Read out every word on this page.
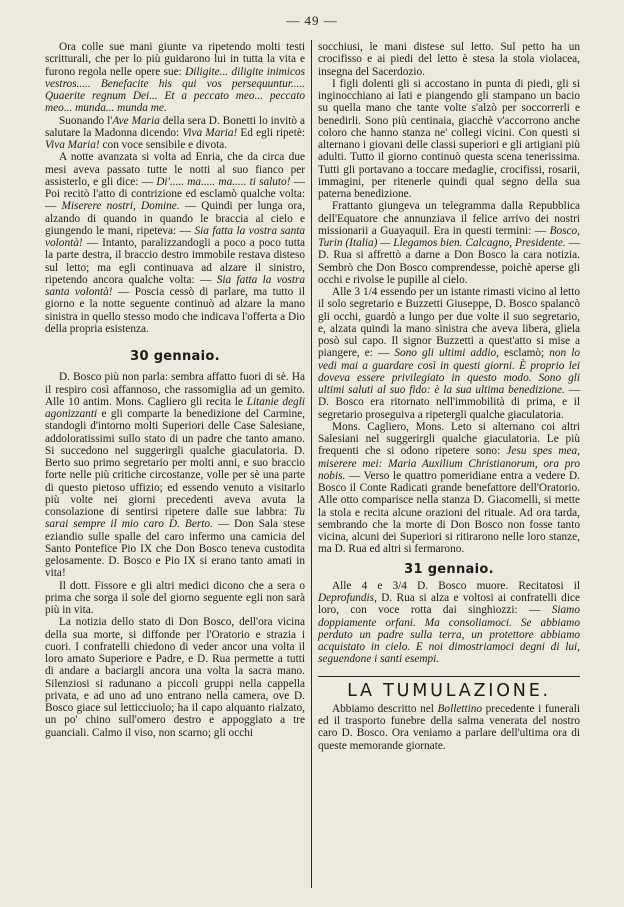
— 49 —

Ora colle sue mani giunte va ripetendo molti testi scritturali, che per lo più guidarono lui in tutta la vita e furono regola nelle opere sue: Diligite... diligite inimicos vestros..... Benefacite his qui vos persequuntur..... Quaerite regnum Dei... Et a peccato meo... peccato meo... munda... munda me.

Suonando l'Ave Maria della sera D. Bonetti lo invitò a salutare la Madonna dicendo: Viva Maria! Ed egli ripetè: Viva Maria! con voce sensibile e divota.

A notte avanzata si volta ad Enria, che da circa due mesi aveva passato tutte le notti al suo fianco per assisterlo, e gli dice: — Di'..... ma..... ma..... ti saluto! — Poi recitò l'atto di contrizione ed esclamò qualche volta: — Miserere nostri, Domine. — Quindi per lunga ora, alzando di quando in quando le braccia al cielo e giungendo le mani, ripeteva: — Sia fatta la vostra santa volontà! — Intanto, paralizzandogli a poco a poco tutta la parte destra, il braccio destro immobile restava disteso sul letto; ma egli continuava ad alzare il sinistro, ripetendo ancora qualche volta: — Sia fatta la vostra santa volontà! — Poscia cessò di parlare, ma tutto il giorno e la notte seguente continuò ad alzare la mano sinistra in quello stesso modo che indicava l'offerta a Dio della propria esistenza.

30 gennaio.

D. Bosco più non parla: sembra affatto fuori di sè. Ha il respiro così affannoso, che rassomiglia ad un gemito. Alle 10 antim. Mons. Cagliero gli recita le Litanie degli agonizzanti e gli comparte la benedizione del Carmine, standogli d'intorno molti Superiori delle Case Salesiane, addoloratissimi sullo stato di un padre che tanto amano. Si succedono nel suggerirgli qualche giaculatoria. D. Berto suo primo segretario per molti anni, e suo braccio forte nelle più critiche circostanze, volle per sè una parte di questo pietoso uffizio; ed essendo venuto a visitarlo più volte nei giorni precedenti aveva avuta la consolazione di sentirsi ripetere dalle sue labbra: Tu sarai sempre il mio caro D. Berto. — Don Sala stese eziandio sulle spalle del caro infermo una camicia del Santo Pontefice Pio IX che Don Bosco teneva custodita gelosamente. D. Bosco e Pio IX si erano tanto amati in vita!

Il dott. Fissore e gli altri medici dicono che a sera o prima che sorga il sole del giorno seguente egli non sarà più in vita.

La notizia dello stato di Don Bosco, dell'ora vicina della sua morte, si diffonde per l'Oratorio e strazia i cuori. I confratelli chiedono di veder ancor una volta il loro amato Superiore e Padre, e D. Rua permette a tutti di andare a baciargli ancora una volta la sacra mano. Silenziosi si radunano a piccoli gruppi nella cappella privata, e ad uno ad uno entrano nella camera, ove D. Bosco giace sul letticciuolo; ha il capo alquanto rialzato, un po' chino sull'omero destro e appoggiato a tre guanciali. Calmo il viso, non scarno; gli occhi

socchiusi, le mani distese sul letto. Sul petto ha un crocifisso e ai piedi del letto è stesa la stola violacea, insegna del Sacerdozio.

I figli dolenti gli si accostano in punta di piedi, gli si inginocchiano ai lati e piangendo gli stampano un bacio su quella mano che tante volte s'alzò per soccorrerli e benedirli. Sono più centinaia, giacchè v'accorrono anche coloro che hanno stanza ne' collegi vicini. Con questi si alternano i giovani delle classi superiori e gli artigiani più adulti. Tutto il giorno continuò questa scena tenerissima. Tutti gli portavano a toccare medaglie, crocifissi, rosarii, immagini, per ritenerle quindi qual segno della sua paterna benedizione.

Frattanto giungeva un telegramma dalla Repubblica dell'Equatore che annunziava il felice arrivo dei nostri missionarii a Guayaquil. Era in questi termini: — Bosco, Turin (Italia) — Llegamos bien. Calcagno, Presidente. — D. Rua si affrettò a darne a Don Bosco la cara notizia. Sembrò che Don Bosco comprendesse, poichè aperse gli occhi e rivolse le pupille al cielo.

Alle 3 1/4 essendo per un istante rimasti vicino al letto il solo segretario e Buzzetti Giuseppe, D. Bosco spalancò gli occhi, guardò a lungo per due volte il suo segretario, e, alzata quindi la mano sinistra che aveva libera, gliela posò sul capo. Il signor Buzzetti a quest'atto si mise a piangere, e: — Sono gli ultimi addio, esclamò; non lo vedi mai a guardare così in questi giorni. È proprio lei doveva essere privilegiato in questo modo. Sono gli ultimi saluti al suo fido: è la sua ultima benedizione. — D. Bosco era ritornato nell'immobilità di prima, e il segretario proseguiva a ripetergli qualche giaculatoria.

Mons. Cagliero, Mons. Leto si alternano coi altri Salesiani nel suggerirgli qualche giaculatoria. Le più frequenti che si odono ripetere sono: Jesu spes mea, miserere mei: Maria Auxilium Christianorum, ora pro nobis. — Verso le quattro pomeridiane entra a vedere D. Bosco il Conte Radicati grande benefattore dell'Oratorio. Alle otto comparisce nella stanza D. Giacomelli, si mette la stola e recita alcune orazioni del rituale. Ad ora tarda, sembrando che la morte di Don Bosco non fosse tanto vicina, alcuni dei Superiori si ritirarono nelle loro stanze, ma D. Rua ed altri si fermarono.

31 gennaio.

Alle 4 e 3/4 D. Bosco muore. Recitatosi il Deprofundis, D. Rua si alza e voltosi ai confratelli dice loro, con voce rotta dai singhiozzi: — Siamo doppiamente orfani. Ma consoliamoci. Se abbiamo perduto un padre sulla terra, un protettore abbiamo acquistato in cielo. E noi dimostriamoci degni di lui, seguendone i santi esempi.

LA TUMULAZIONE.

Abbiamo descritto nel Bollettino precedente i funerali ed il trasporto funebre della salma venerata del nostro caro D. Bosco. Ora veniamo a parlare dell'ultima ora di queste memorande giornate.
